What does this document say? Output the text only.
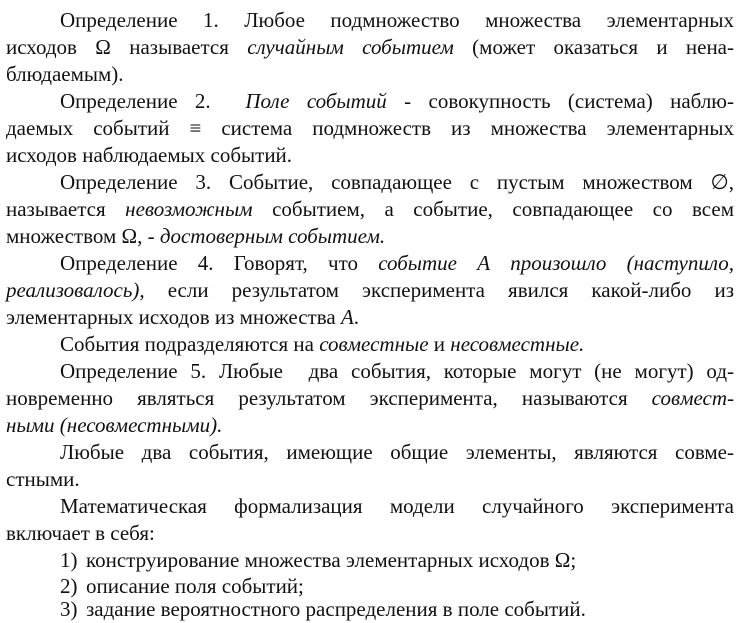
Определение 1. Любое подмножество множества элементарных
исходов Ω называется случайным событием (может оказаться и нена-
блюдаемым).
Определение 2.  Поле событий - совокупность (система) наблю-
даемых событий ≡ система подмножеств из множества элементарных
исходов наблюдаемых событий.
Определение 3. Событие, совпадающее с пустым множеством ∅,
называется невозможным событием, а событие, совпадающее со всем
множеством Ω, - достоверным событием.
Определение 4. Говорят, что событие А произошло (наступило,
реализовалось), если результатом эксперимента явился какой-либо из
элементарных исходов из множества А.
События подразделяются на совместные и несовместные.
Определение 5. Любые  два события, которые могут (не могут) од-
новременно являться результатом эксперимента, называются совмест-
ными (несовместными).
Любые два события, имеющие общие элементы, являются совме-
стными.
Математическая формализация модели случайного эксперимента
включает в себя:
1) конструирование множества элементарных исходов Ω;
2) описание поля событий;
3) задание вероятностного распределения в поле событий.
